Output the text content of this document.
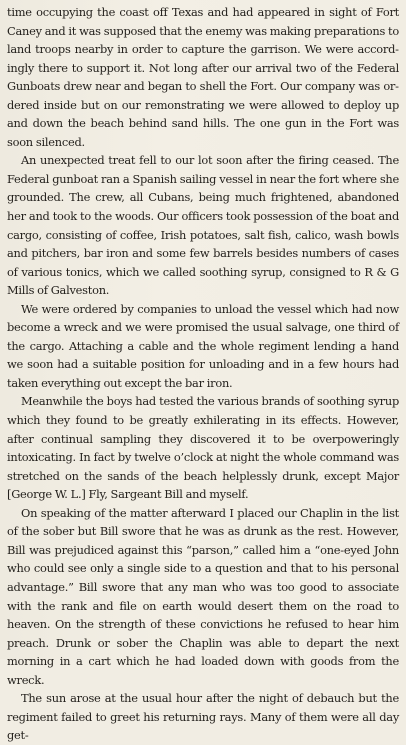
time occupying the coast off Texas and had appeared in sight of Fort Caney and it was supposed that the enemy was making preparations to land troops nearby in order to capture the garrison. We were accordingly there to support it. Not long after our arrival two of the Federal Gunboats drew near and began to shell the Fort. Our company was ordered inside but on our remonstrating we were allowed to deploy up and down the beach behind sand hills. The one gun in the Fort was soon silenced.

An unexpected treat fell to our lot soon after the firing ceased. The Federal gunboat ran a Spanish sailing vessel in near the fort where she grounded. The crew, all Cubans, being much frightened, abandoned her and took to the woods. Our officers took possession of the boat and cargo, consisting of coffee, Irish potatoes, salt fish, calico, wash bowls and pitchers, bar iron and some few barrels besides numbers of cases of various tonics, which we called soothing syrup, consigned to R & G Mills of Galveston.

We were ordered by companies to unload the vessel which had now become a wreck and we were promised the usual salvage, one third of the cargo. Attaching a cable and the whole regiment lending a hand we soon had a suitable position for unloading and in a few hours had taken everything out except the bar iron.

Meanwhile the boys had tested the various brands of soothing syrup which they found to be greatly exhilerating in its effects. However, after continual sampling they discovered it to be overpoweringly intoxicating. In fact by twelve o’clock at night the whole command was stretched on the sands of the beach helplessly drunk, except Major [George W. L.] Fly, Sargeant Bill and myself.

On speaking of the matter afterward I placed our Chaplin in the list of the sober but Bill swore that he was as drunk as the rest. However, Bill was prejudiced against this “parson,” called him a “one-eyed John who could see only a single side to a question and that to his personal advantage.” Bill swore that any man who was too good to associate with the rank and file on earth would desert them on the road to heaven. On the strength of these convictions he refused to hear him preach. Drunk or sober the Chaplin was able to depart the next morning in a cart which he had loaded down with goods from the wreck.

The sun arose at the usual hour after the night of debauch but the regiment failed to greet his returning rays. Many of them were all day get-
